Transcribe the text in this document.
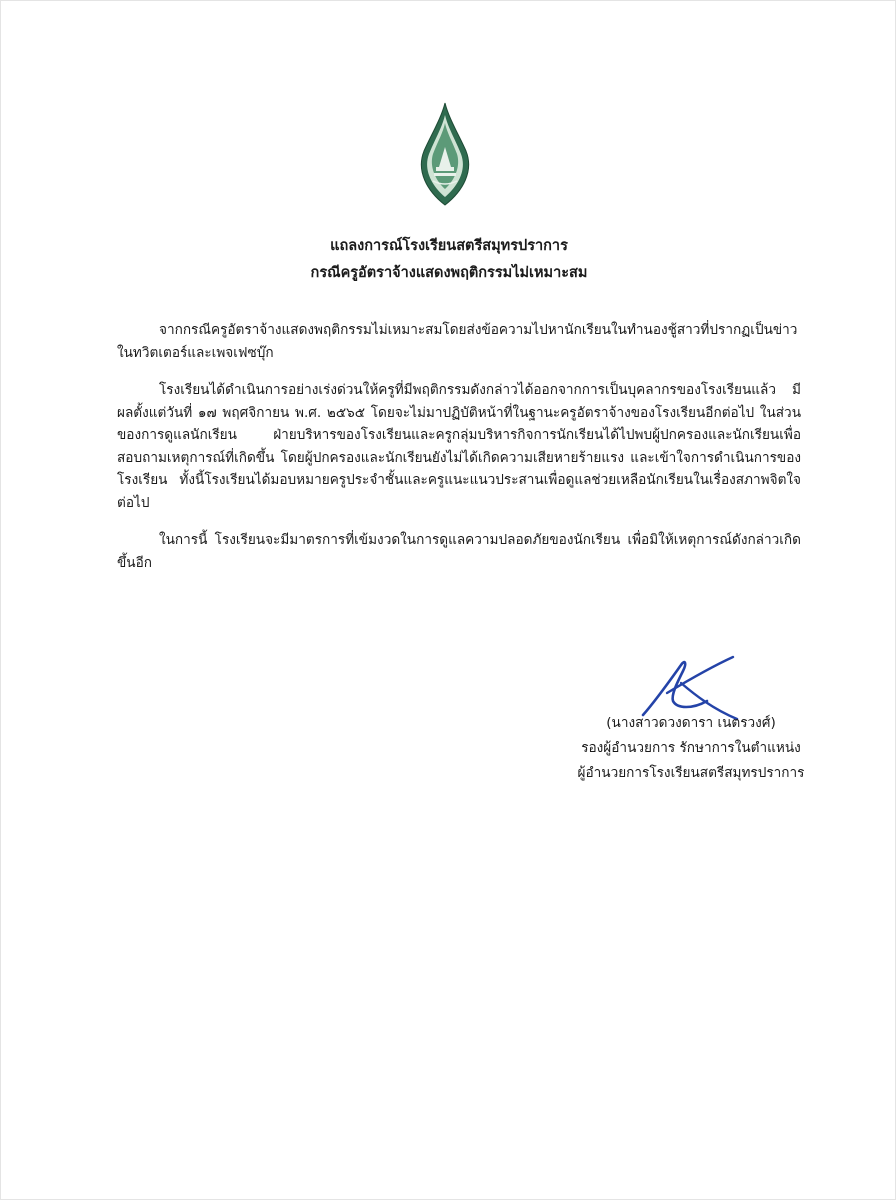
แถลงการณ์โรงเรียนสตรีสมุทรปราการ
กรณีครูอัตราจ้างแสดงพฤติกรรมไม่เหมาะสม

จากกรณีครูอัตราจ้างแสดงพฤติกรรมไม่เหมาะสมโดยส่งข้อความไปหานักเรียนในทำนองชู้สาวที่ปรากฏเป็นข่าวในทวิตเตอร์และเพจเฟซบุ๊ก

โรงเรียนได้ดำเนินการอย่างเร่งด่วนให้ครูที่มีพฤติกรรมดังกล่าวได้ออกจากการเป็นบุคลากรของโรงเรียนแล้ว มีผลตั้งแต่วันที่ ๑๗ พฤศจิกายน พ.ศ. ๒๕๖๕ โดยจะไม่มาปฏิบัติหน้าที่ในฐานะครูอัตราจ้างของโรงเรียนอีกต่อไป ในส่วนของการดูแลนักเรียน ฝ่ายบริหารของโรงเรียนและครูกลุ่มบริหารกิจการนักเรียนได้ไปพบผู้ปกครองและนักเรียนเพื่อสอบถามเหตุการณ์ที่เกิดขึ้น โดยผู้ปกครองและนักเรียนยังไม่ได้เกิดความเสียหายร้ายแรง และเข้าใจการดำเนินการของโรงเรียน ทั้งนี้โรงเรียนได้มอบหมายครูประจำชั้นและครูแนะแนวประสานเพื่อดูแลช่วยเหลือนักเรียนในเรื่องสภาพจิตใจต่อไป

ในการนี้ โรงเรียนจะมีมาตรการที่เข้มงวดในการดูแลความปลอดภัยของนักเรียน เพื่อมิให้เหตุการณ์ดังกล่าวเกิดขึ้นอีก

(นางสาวดวงดารา เนตรวงศ์)
รองผู้อำนวยการ รักษาการในตำแหน่ง
ผู้อำนวยการโรงเรียนสตรีสมุทรปราการ
